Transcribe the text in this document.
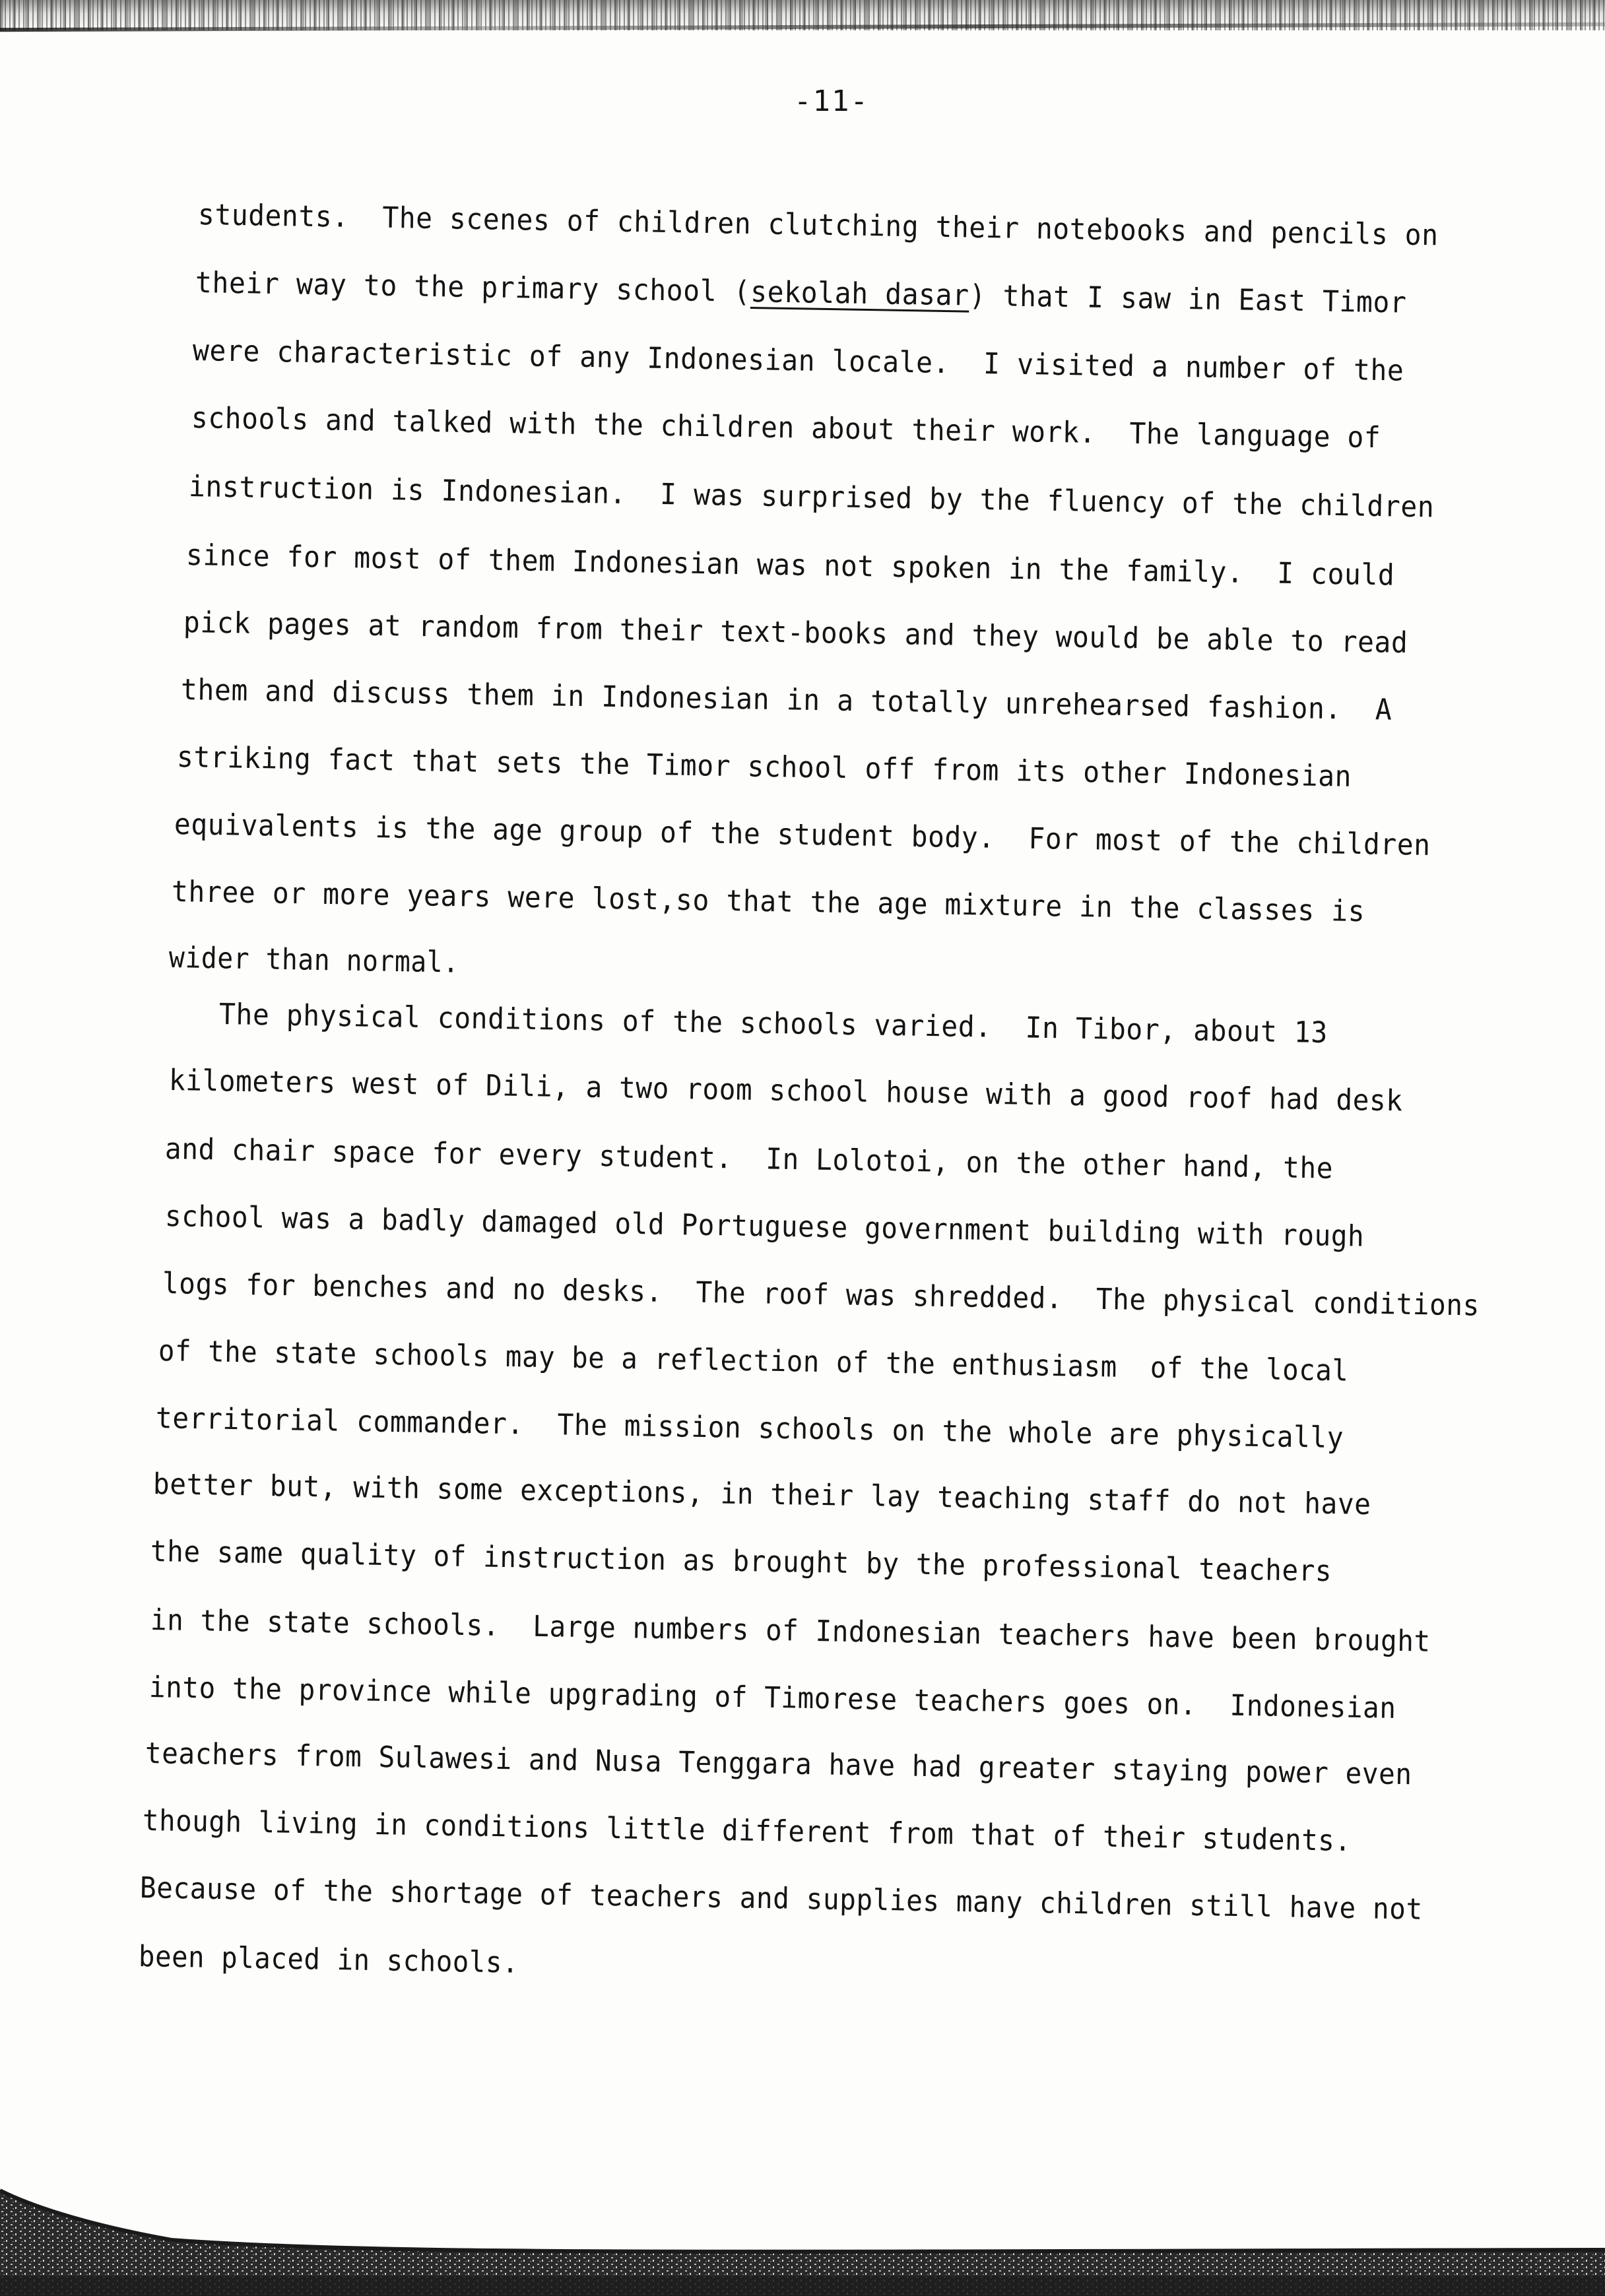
-11-
students.  The scenes of children clutching their notebooks and pencils on
their way to the primary school (sekolah dasar) that I saw in East Timor
were characteristic of any Indonesian locale.  I visited a number of the
schools and talked with the children about their work.  The language of
instruction is Indonesian.  I was surprised by the fluency of the children
since for most of them Indonesian was not spoken in the family.  I could
pick pages at random from their text-books and they would be able to read
them and discuss them in Indonesian in a totally unrehearsed fashion.  A
striking fact that sets the Timor school off from its other Indonesian
equivalents is the age group of the student body.  For most of the children
three or more years were lost,so that the age mixture in the classes is
wider than normal.
The physical conditions of the schools varied.  In Tibor, about 13
kilometers west of Dili, a two room school house with a good roof had desk
and chair space for every student.  In Lolotoi, on the other hand, the
school was a badly damaged old Portuguese government building with rough
logs for benches and no desks.  The roof was shredded.  The physical conditions
of the state schools may be a reflection of the enthusiasm  of the local
territorial commander.  The mission schools on the whole are physically
better but, with some exceptions, in their lay teaching staff do not have
the same quality of instruction as brought by the professional teachers
in the state schools.  Large numbers of Indonesian teachers have been brought
into the province while upgrading of Timorese teachers goes on.  Indonesian
teachers from Sulawesi and Nusa Tenggara have had greater staying power even
though living in conditions little different from that of their students.
Because of the shortage of teachers and supplies many children still have not
been placed in schools.
